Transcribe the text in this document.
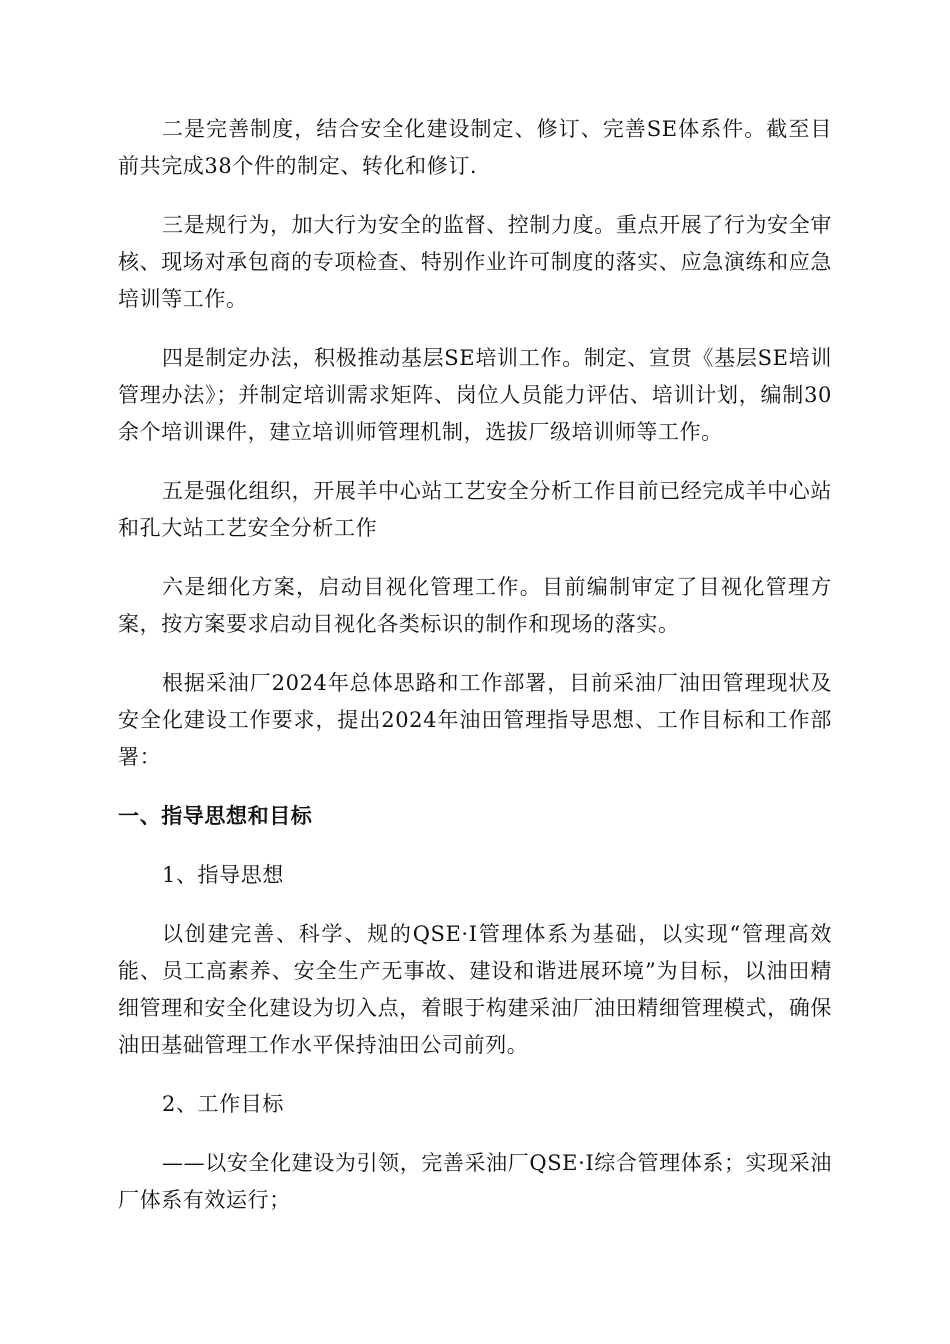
二是完善制度，结合安全化建设制定、修订、完善SE体系件。截至目前共完成38个件的制定、转化和修订.

三是规行为，加大行为安全的监督、控制力度。重点开展了行为安全审核、现场对承包商的专项检查、特别作业许可制度的落实、应急演练和应急培训等工作。

四是制定办法，积极推动基层SE培训工作。制定、宣贯《基层SE培训管理办法》；并制定培训需求矩阵、岗位人员能力评估、培训计划，编制30余个培训课件，建立培训师管理机制，选拔厂级培训师等工作。

五是强化组织，开展羊中心站工艺安全分析工作目前已经完成羊中心站和孔大站工艺安全分析工作

六是细化方案，启动目视化管理工作。目前编制审定了目视化管理方案，按方案要求启动目视化各类标识的制作和现场的落实。

根据采油厂2024年总体思路和工作部署，目前采油厂油田管理现状及安全化建设工作要求，提出2024年油田管理指导思想、工作目标和工作部署：

一、指导思想和目标
1、指导思想

以创建完善、科学、规的QSE·I管理体系为基础，以实现“管理高效能、员工高素养、安全生产无事故、建设和谐进展环境”为目标，以油田精细管理和安全化建设为切入点，着眼于构建采油厂油田精细管理模式，确保油田基础管理工作水平保持油田公司前列。

2、工作目标

——以安全化建设为引领，完善采油厂QSE·I综合管理体系；实现采油厂体系有效运行；
